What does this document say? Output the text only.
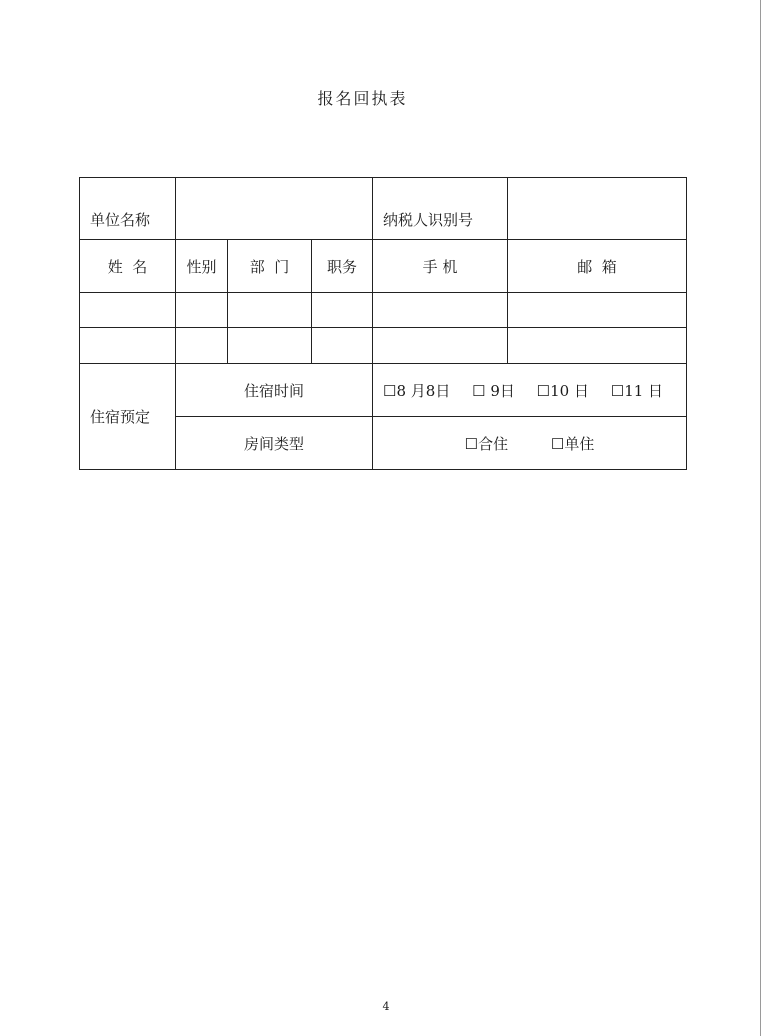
报名回执表
单位名称				纳税人识别号	
姓  名	性别	部  门	职务	手 机	邮  箱

住宿预定	住宿时间			☐8 月8日 ☐ 9日 ☐10 日 ☐11 日	
	房间类型			☐合住 ☐单住	
4
